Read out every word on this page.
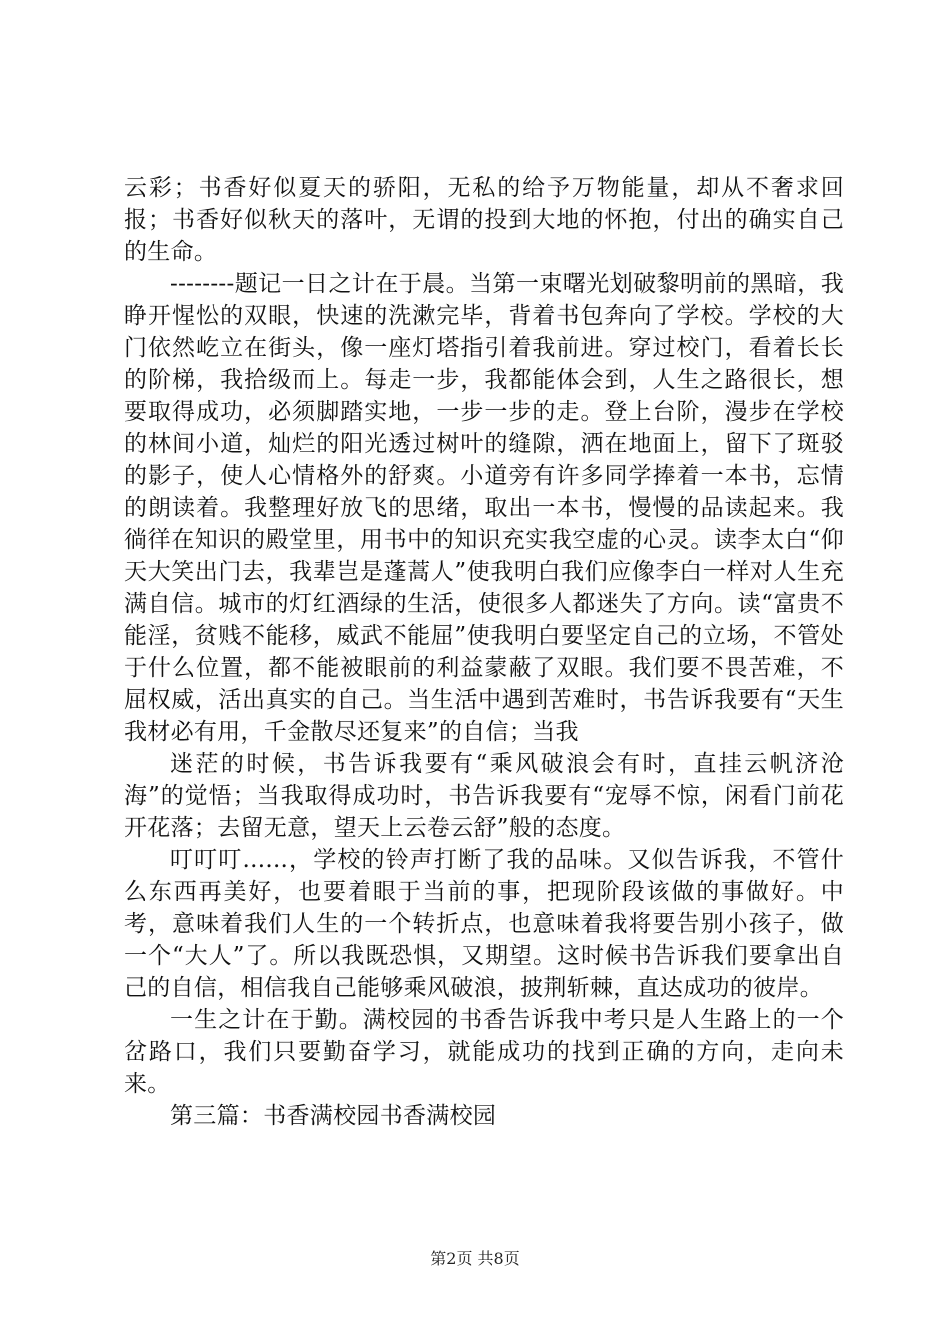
云彩；书香好似夏天的骄阳，无私的给予万物能量，却从不奢求回报；书香好似秋天的落叶，无谓的投到大地的怀抱，付出的确实自己的生命。

--------题记一日之计在于晨。当第一束曙光划破黎明前的黑暗，我睁开惺忪的双眼，快速的洗漱完毕，背着书包奔向了学校。学校的大门依然屹立在街头，像一座灯塔指引着我前进。穿过校门，看着长长的阶梯，我拾级而上。每走一步，我都能体会到，人生之路很长，想要取得成功，必须脚踏实地，一步一步的走。登上台阶，漫步在学校的林间小道，灿烂的阳光透过树叶的缝隙，洒在地面上，留下了斑驳的影子，使人心情格外的舒爽。小道旁有许多同学捧着一本书，忘情的朗读着。我整理好放飞的思绪，取出一本书，慢慢的品读起来。我徜徉在知识的殿堂里，用书中的知识充实我空虚的心灵。读李太白“仰天大笑出门去，我辈岂是蓬蒿人”使我明白我们应像李白一样对人生充满自信。城市的灯红酒绿的生活，使很多人都迷失了方向。读“富贵不能淫，贫贱不能移，威武不能屈”使我明白要坚定自己的立场，不管处于什么位置，都不能被眼前的利益蒙蔽了双眼。我们要不畏苦难，不屈权威，活出真实的自己。当生活中遇到苦难时，书告诉我要有“天生我材必有用，千金散尽还复来”的自信；当我

迷茫的时候，书告诉我要有“乘风破浪会有时，直挂云帆济沧海”的觉悟；当我取得成功时，书告诉我要有“宠辱不惊，闲看门前花开花落；去留无意，望天上云卷云舒”般的态度。

叮叮叮......，学校的铃声打断了我的品味。又似告诉我，不管什么东西再美好，也要着眼于当前的事，把现阶段该做的事做好。中考，意味着我们人生的一个转折点，也意味着我将要告别小孩子，做一个“大人”了。所以我既恐惧，又期望。这时候书告诉我们要拿出自己的自信，相信我自己能够乘风破浪，披荆斩棘，直达成功的彼岸。

一生之计在于勤。满校园的书香告诉我中考只是人生路上的一个岔路口，我们只要勤奋学习，就能成功的找到正确的方向，走向未来。

第三篇：书香满校园书香满校园

第2页 共8页
